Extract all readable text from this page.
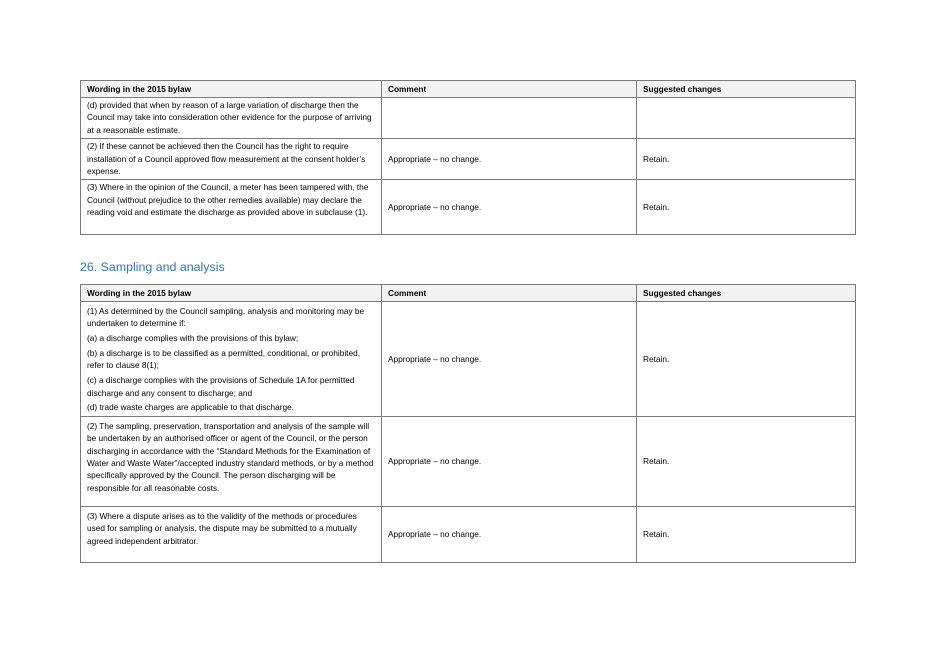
Wording in the 2015 bylaw	Comment	Suggested changes

(d) provided that when by reason of a large variation of discharge then the Council may take into consideration other evidence for the purpose of arriving at a reasonable estimate.		

(2) If these cannot be achieved then the Council has the right to require installation of a Council approved flow measurement at the consent holder’s expense.	Appropriate – no change.	Retain.

(3) Where in the opinion of the Council, a meter has been tampered with, the Council (without prejudice to the other remedies available) may declare the reading void and estimate the discharge as provided above in subclause (1).	Appropriate – no change.	Retain.
26. Sampling and analysis
Wording in the 2015 bylaw	Comment	Suggested changes

(1) As determined by the Council sampling, analysis and monitoring may be undertaken to determine if:

(a) a discharge complies with the provisions of this bylaw;

(b) a discharge is to be classified as a permitted, conditional, or prohibited, refer to clause 8(1);

(c) a discharge complies with the provisions of Schedule 1A for permitted discharge and any consent to discharge; and

(d) trade waste charges are applicable to that discharge.	Appropriate – no change.	Retain.

(2) The sampling, preservation, transportation and analysis of the sample will be undertaken by an authorised officer or agent of the Council, or the person discharging in accordance with the “Standard Methods for the Examination of Water and Waste Water”/accepted industry standard methods, or by a method specifically approved by the Council. The person discharging will be responsible for all reasonable costs.	Appropriate – no change.	Retain.

(3) Where a dispute arises as to the validity of the methods or procedures used for sampling or analysis, the dispute may be submitted to a mutually agreed independent arbitrator.	Appropriate – no change.	Retain.
